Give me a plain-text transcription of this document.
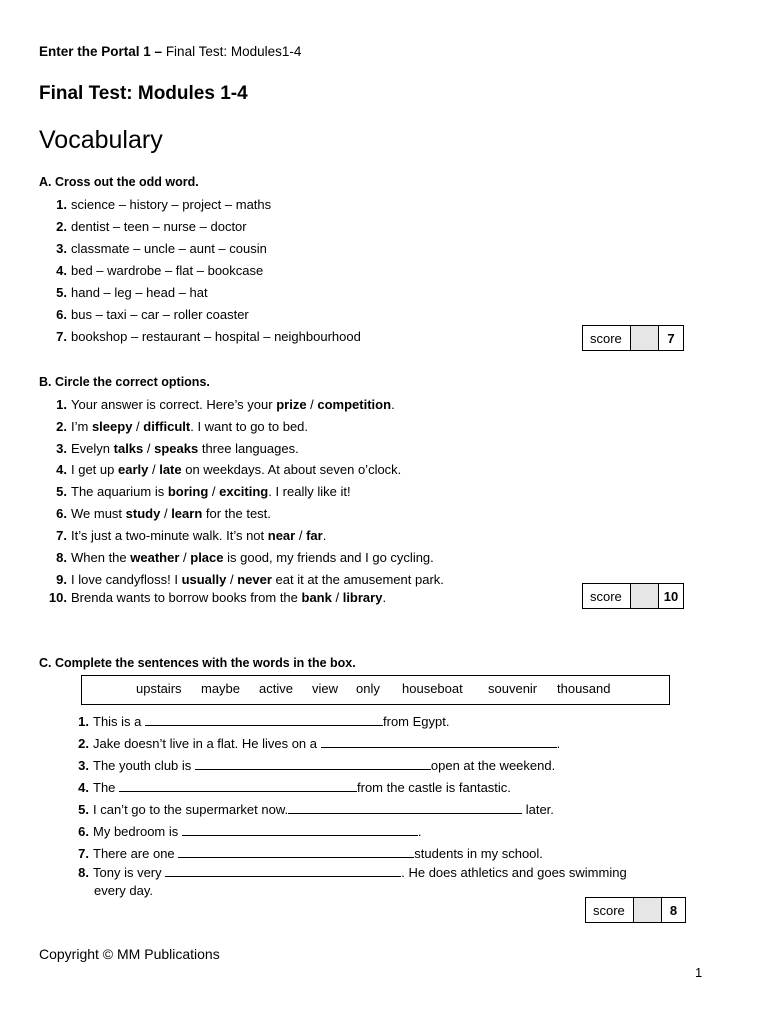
Enter the Portal 1 – Final Test: Modules1-4
Final Test: Modules 1-4
Vocabulary
A. Cross out the odd word.
1. science – history – project – maths
2. dentist – teen – nurse – doctor
3. classmate – uncle – aunt – cousin
4. bed – wardrobe – flat – bookcase
5. hand – leg – head – hat
6. bus – taxi – car – roller coaster
7. bookshop – restaurant – hospital – neighbourhood	score	7
B. Circle the correct options.
1. Your answer is correct. Here’s your prize / competition.
2. I’m sleepy / difficult. I want to go to bed.
3. Evelyn talks / speaks three languages.
4. I get up early / late on weekdays. At about seven o’clock.
5. The aquarium is boring / exciting. I really like it!
6. We must study / learn for the test.
7. It’s just a two-minute walk. It’s not near / far.
8. When the weather / place is good, my friends and I go cycling.
9. I love candyfloss! I usually / never eat it at the amusement park.
10. Brenda wants to borrow books from the bank / library.	score	10
C. Complete the sentences with the words in the box.
upstairs maybe active view only houseboat souvenir thousand
1. This is a	from Egypt.
2. Jake doesn’t live in a flat. He lives on a	.
3. The youth club is	open at the weekend.
4. The	from the castle is fantastic.
5. I can’t go to the supermarket now.	later.
6. My bedroom is	.
7. There are one	students in my school.
8. Tony is very	. He does athletics and goes swimming
every day.
score	8
Copyright © MM Publications
1
